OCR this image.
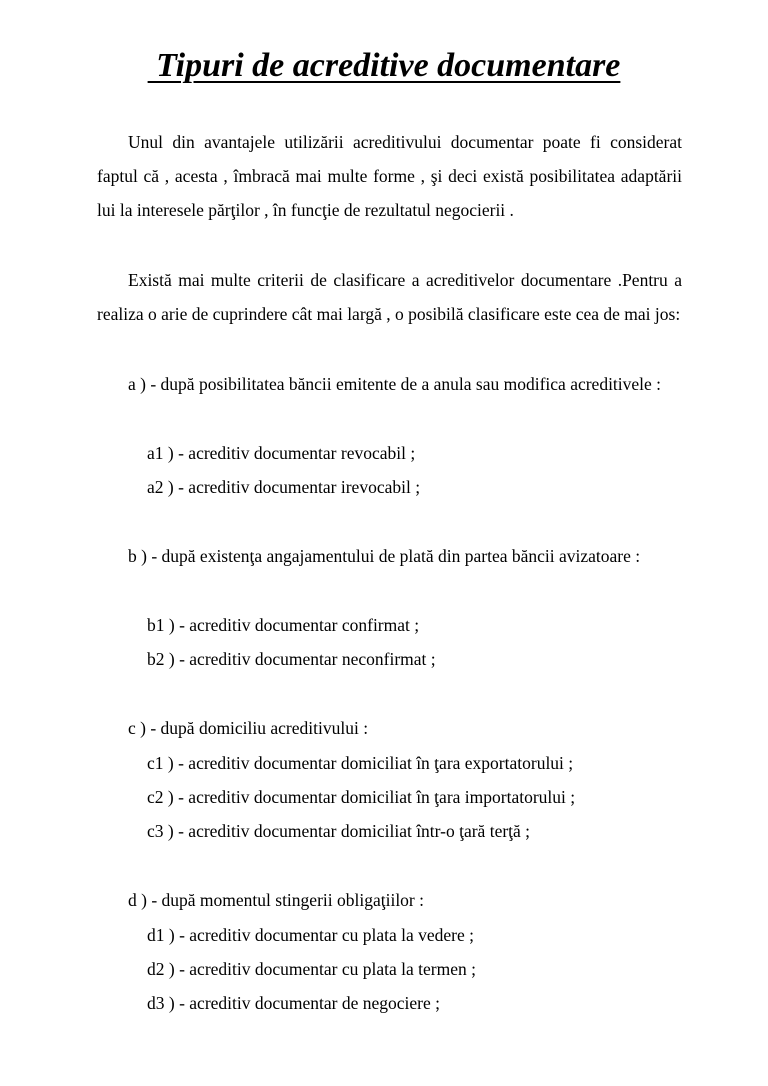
Tipuri de acreditive documentare

Unul din avantajele utilizării acreditivului documentar poate fi considerat faptul că , acesta , îmbracă mai multe forme , şi deci există posibilitatea adaptării lui la interesele părţilor , în funcţie de rezultatul negocierii .

Există mai multe criterii de clasificare a acreditivelor documentare .Pentru a realiza o arie de cuprindere cât mai largă , o posibilă clasificare este cea de mai jos:

a ) - după posibilitatea băncii emitente de a anula sau modifica acreditivele :

a1 ) - acreditiv documentar revocabil ;

a2 ) - acreditiv documentar irevocabil ;

b ) - după existenţa angajamentului de plată din partea băncii avizatoare :

b1 ) - acreditiv documentar confirmat ;

b2 ) - acreditiv documentar neconfirmat ;

c ) - după domiciliu acreditivului :

c1 ) - acreditiv documentar domiciliat în ţara exportatorului ;

c2 ) - acreditiv documentar domiciliat în ţara importatorului ;

c3 ) - acreditiv documentar domiciliat într-o ţară terţă ;

d ) - după momentul stingerii obligaţiilor :

d1 ) - acreditiv documentar cu plata la vedere ;

d2 ) - acreditiv documentar cu plata la termen ;

d3 ) - acreditiv documentar de negociere ;
